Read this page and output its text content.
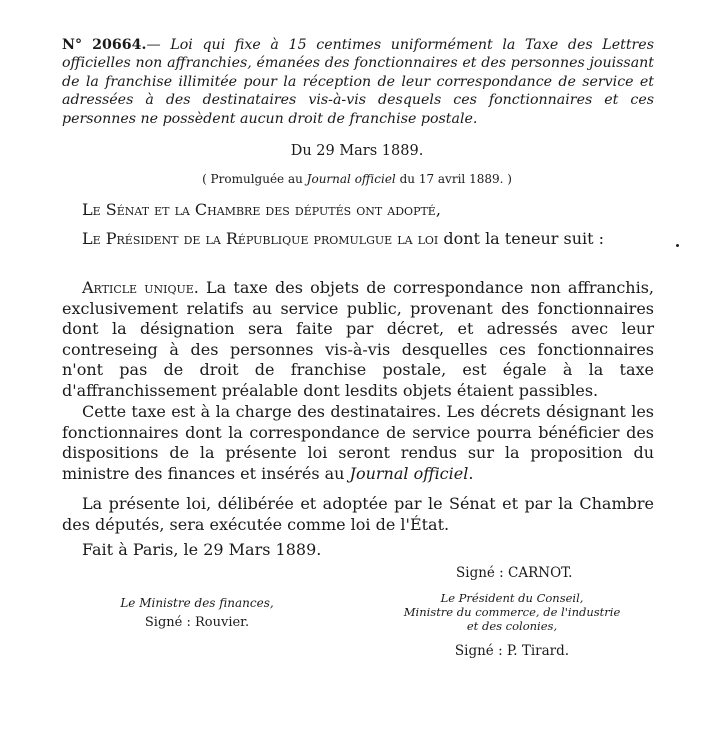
N° 20664.— Loi qui fixe à 15 centimes uniformément la Taxe des Lettres officielles non affranchies, émanées des fonctionnaires et des personnes jouissant de la franchise illimitée pour la réception de leur correspondance de service et adressées à des destinataires vis-à-vis desquels ces fonctionnaires et ces personnes ne possèdent aucun droit de franchise postale.
Du 29 Mars 1889.
( Promulguée au Journal officiel du 17 avril 1889. )
Le Sénat et la Chambre des députés ont adopté,
Le Président de la République promulgue la loi dont la teneur suit :
Article unique. La taxe des objets de correspondance non affranchis, exclusivement relatifs au service public, provenant des fonctionnaires dont la désignation sera faite par décret, et adressés avec leur contreseing à des personnes vis-à-vis desquelles ces fonctionnaires n'ont pas de droit de franchise postale, est égale à la taxe d'affranchissement préalable dont lesdits objets étaient passibles.
Cette taxe est à la charge des destinataires. Les décrets désignant les fonctionnaires dont la correspondance de service pourra bénéficier des dispositions de la présente loi seront rendus sur la proposition du ministre des finances et insérés au Journal officiel.
La présente loi, délibérée et adoptée par le Sénat et par la Chambre des députés, sera exécutée comme loi de l'État.
Fait à Paris, le 29 Mars 1889.
Signé : CARNOT.
Le Ministre des finances,
Signé : Rouvier.
Le Président du Conseil,
Ministre du commerce, de l'industrie
et des colonies,
Signé : P. Tirard.
